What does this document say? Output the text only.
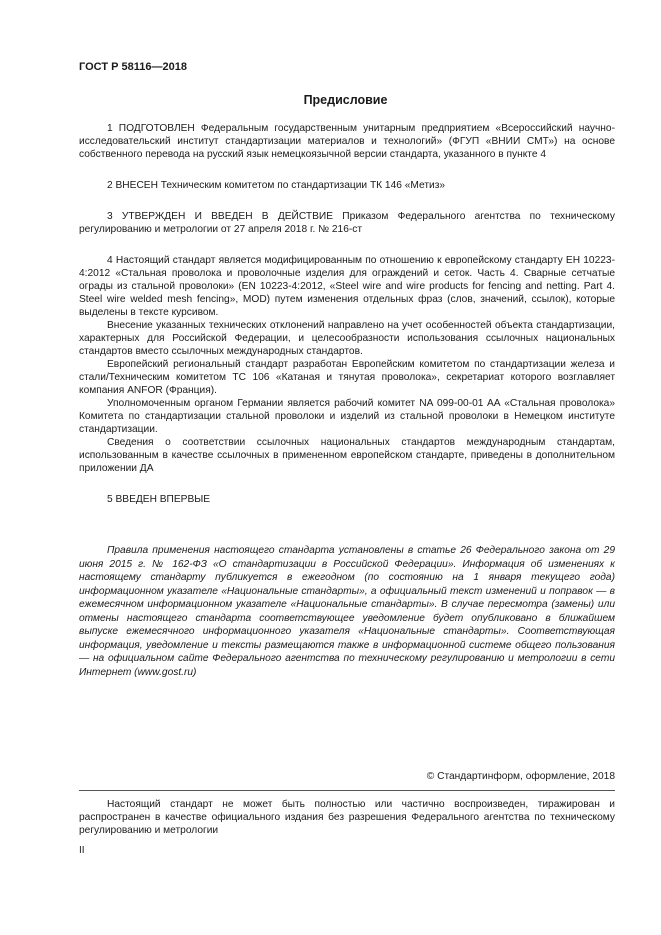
ГОСТ Р 58116—2018
Предисловие

1 ПОДГОТОВЛЕН Федеральным государственным унитарным предприятием «Всероссийский научно-исследовательский институт стандартизации материалов и технологий» (ФГУП «ВНИИ СМТ») на основе собственного перевода на русский язык немецкоязычной версии стандарта, указанного в пункте 4

2 ВНЕСЕН Техническим комитетом по стандартизации ТК 146 «Метиз»

3 УТВЕРЖДЕН И ВВЕДЕН В ДЕЙСТВИЕ Приказом Федерального агентства по техническому регулированию и метрологии от 27 апреля 2018 г. № 216-ст

4 Настоящий стандарт является модифицированным по отношению к европейскому стандарту ЕН 10223-4:2012 «Стальная проволока и проволочные изделия для ограждений и сеток. Часть 4. Сварные сетчатые ограды из стальной проволоки» (EN 10223-4:2012, «Steel wire and wire products for fencing and netting. Part 4. Steel wire welded mesh fencing», MOD) путем изменения отдельных фраз (слов, значений, ссылок), которые выделены в тексте курсивом.

Внесение указанных технических отклонений направлено на учет особенностей объекта стандартизации, характерных для Российской Федерации, и целесообразности использования ссылочных национальных стандартов вместо ссылочных международных стандартов.

Европейский региональный стандарт разработан Европейским комитетом по стандартизации железа и стали/Техническим комитетом ТС 106 «Катаная и тянутая проволока», секретариат которого возглавляет компания ANFOR (Франция).

Уполномоченным органом Германии является рабочий комитет NA 099-00-01 AA «Стальная проволока» Комитета по стандартизации стальной проволоки и изделий из стальной проволоки в Немецком институте стандартизации.

Сведения о соответствии ссылочных национальных стандартов международным стандартам, использованным в качестве ссылочных в примененном европейском стандарте, приведены в дополнительном приложении ДА

5 ВВЕДЕН ВПЕРВЫЕ

Правила применения настоящего стандарта установлены в статье 26 Федерального закона от 29 июня 2015 г. № 162-ФЗ «О стандартизации в Российской Федерации». Информация об изменениях к настоящему стандарту публикуется в ежегодном (по состоянию на 1 января текущего года) информационном указателе «Национальные стандарты», а официальный текст изменений и поправок — в ежемесячном информационном указателе «Национальные стандарты». В случае пересмотра (замены) или отмены настоящего стандарта соответствующее уведомление будет опубликовано в ближайшем выпуске ежемесячного информационного указателя «Национальные стандарты». Соответствующая информация, уведомление и тексты размещаются также в информационной системе общего пользования — на официальном сайте Федерального агентства по техническому регулированию и метрологии в сети Интернет (www.gost.ru)

© Стандартинформ, оформление, 2018

Настоящий стандарт не может быть полностью или частично воспроизведен, тиражирован и распространен в качестве официального издания без разрешения Федерального агентства по техническому регулированию и метрологии

II
